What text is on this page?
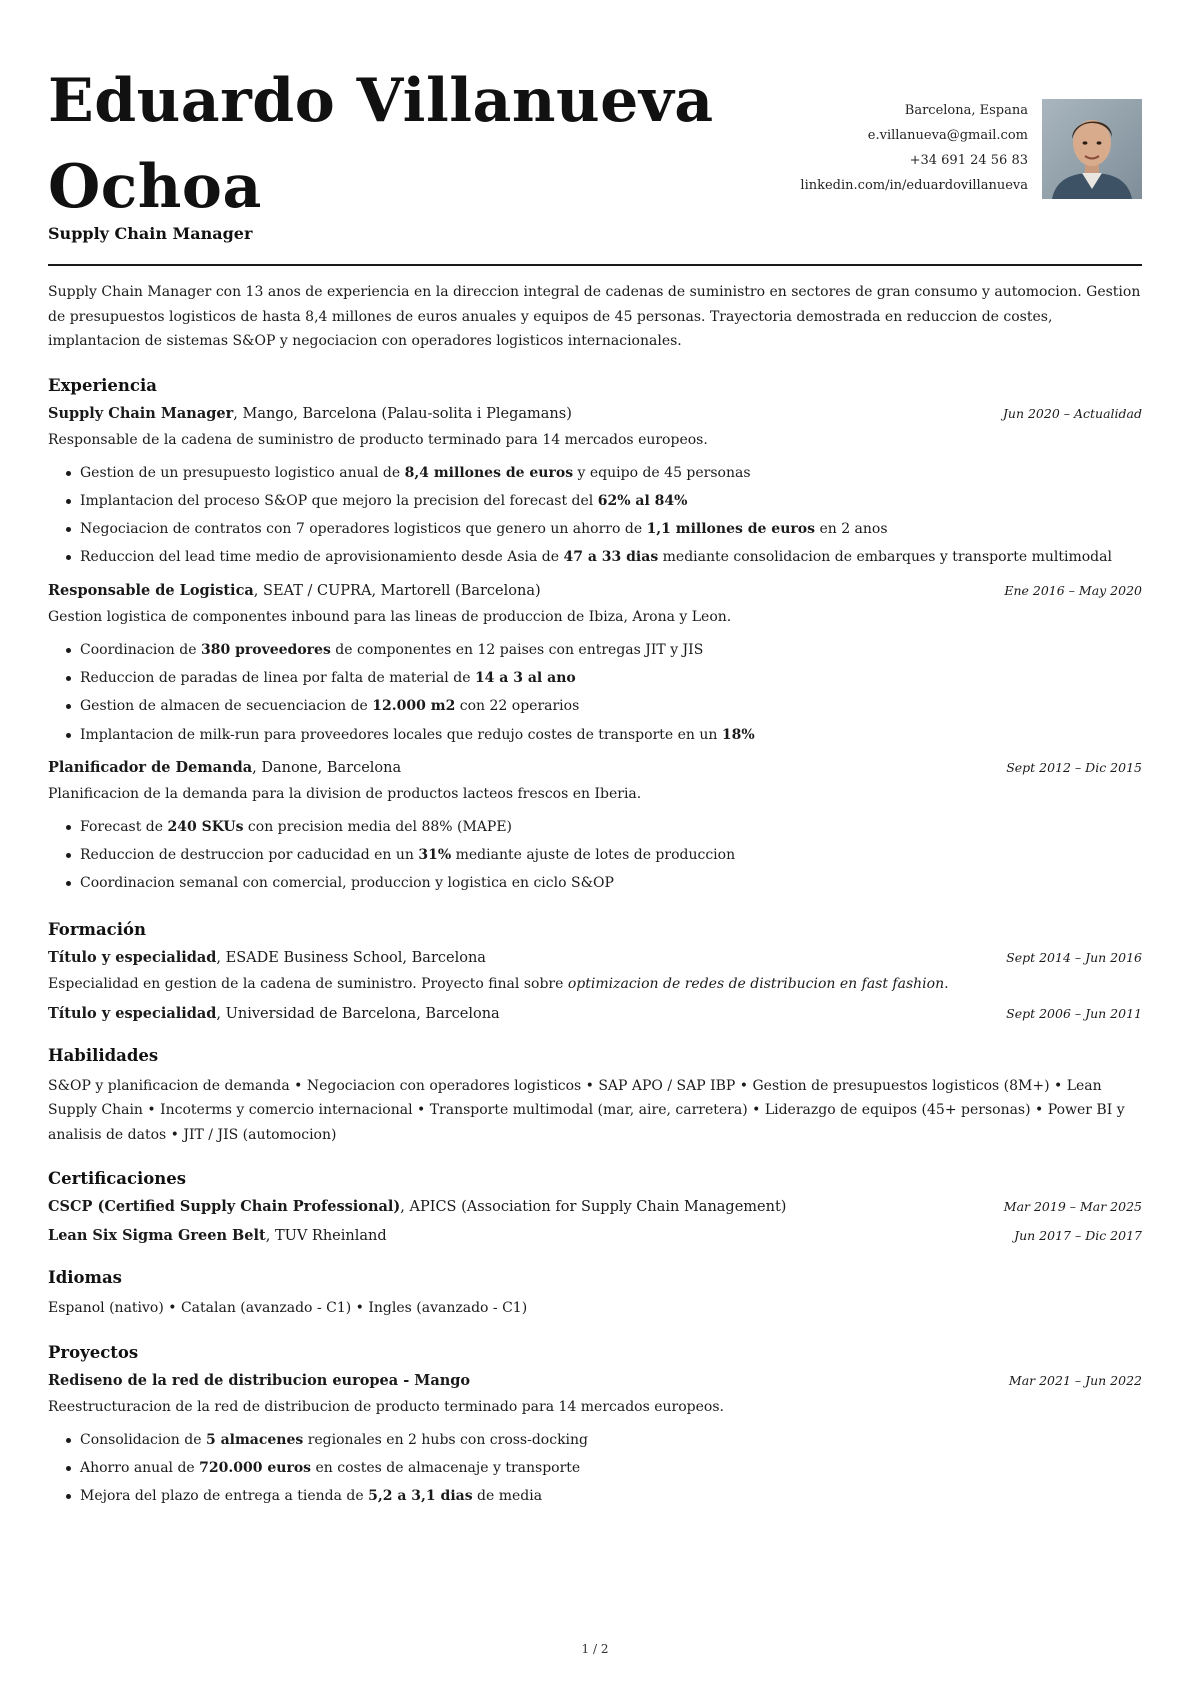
Eduardo Villanueva Ochoa
Barcelona, Espana
e.villanueva@gmail.com
+34 691 24 56 83
linkedin.com/in/eduardovillanueva
Supply Chain Manager

Supply Chain Manager con 13 anos de experiencia en la direccion integral de cadenas de suministro en sectores de gran consumo y automocion. Gestion de presupuestos logisticos de hasta 8,4 millones de euros anuales y equipos de 45 personas. Trayectoria demostrada en reduccion de costes, implantacion de sistemas S&OP y negociacion con operadores logisticos internacionales.

Experiencia
Supply Chain Manager, Mango, Barcelona (Palau-solita i Plegamans)	Jun 2020 – Actualidad

Responsable de la cadena de suministro de producto terminado para 14 mercados europeos.

Gestion de un presupuesto logistico anual de 8,4 millones de euros y equipo de 45 personas
Implantacion del proceso S&OP que mejoro la precision del forecast del 62% al 84%
Negociacion de contratos con 7 operadores logisticos que genero un ahorro de 1,1 millones de euros en 2 anos
Reduccion del lead time medio de aprovisionamiento desde Asia de 47 a 33 dias mediante consolidacion de embarques y transporte multimodal
Responsable de Logistica, SEAT / CUPRA, Martorell (Barcelona)	Ene 2016 – May 2020

Gestion logistica de componentes inbound para las lineas de produccion de Ibiza, Arona y Leon.

Coordinacion de 380 proveedores de componentes en 12 paises con entregas JIT y JIS
Reduccion de paradas de linea por falta de material de 14 a 3 al ano
Gestion de almacen de secuenciacion de 12.000 m2 con 22 operarios
Implantacion de milk-run para proveedores locales que redujo costes de transporte en un 18%
Planificador de Demanda, Danone, Barcelona	Sept 2012 – Dic 2015

Planificacion de la demanda para la division de productos lacteos frescos en Iberia.

Forecast de 240 SKUs con precision media del 88% (MAPE)
Reduccion de destruccion por caducidad en un 31% mediante ajuste de lotes de produccion
Coordinacion semanal con comercial, produccion y logistica en ciclo S&OP
Formación
Título y especialidad, ESADE Business School, Barcelona	Sept 2014 – Jun 2016

Especialidad en gestion de la cadena de suministro. Proyecto final sobre optimizacion de redes de distribucion en fast fashion.

Título y especialidad, Universidad de Barcelona, Barcelona	Sept 2006 – Jun 2011
Habilidades

S&OP y planificacion de demanda • Negociacion con operadores logisticos • SAP APO / SAP IBP • Gestion de presupuestos logisticos (8M+) • Lean Supply Chain • Incoterms y comercio internacional • Transporte multimodal (mar, aire, carretera) • Liderazgo de equipos (45+ personas) • Power BI y analisis de datos • JIT / JIS (automocion)

Certificaciones
CSCP (Certified Supply Chain Professional), APICS (Association for Supply Chain Management)	Mar 2019 – Mar 2025
Lean Six Sigma Green Belt, TUV Rheinland	Jun 2017 – Dic 2017
Idiomas

Espanol (nativo) • Catalan (avanzado - C1) • Ingles (avanzado - C1)

Proyectos
Rediseno de la red de distribucion europea - Mango	Mar 2021 – Jun 2022

Reestructuracion de la red de distribucion de producto terminado para 14 mercados europeos.

Consolidacion de 5 almacenes regionales en 2 hubs con cross-docking
Ahorro anual de 720.000 euros en costes de almacenaje y transporte
Mejora del plazo de entrega a tienda de 5,2 a 3,1 dias de media
1 / 2
